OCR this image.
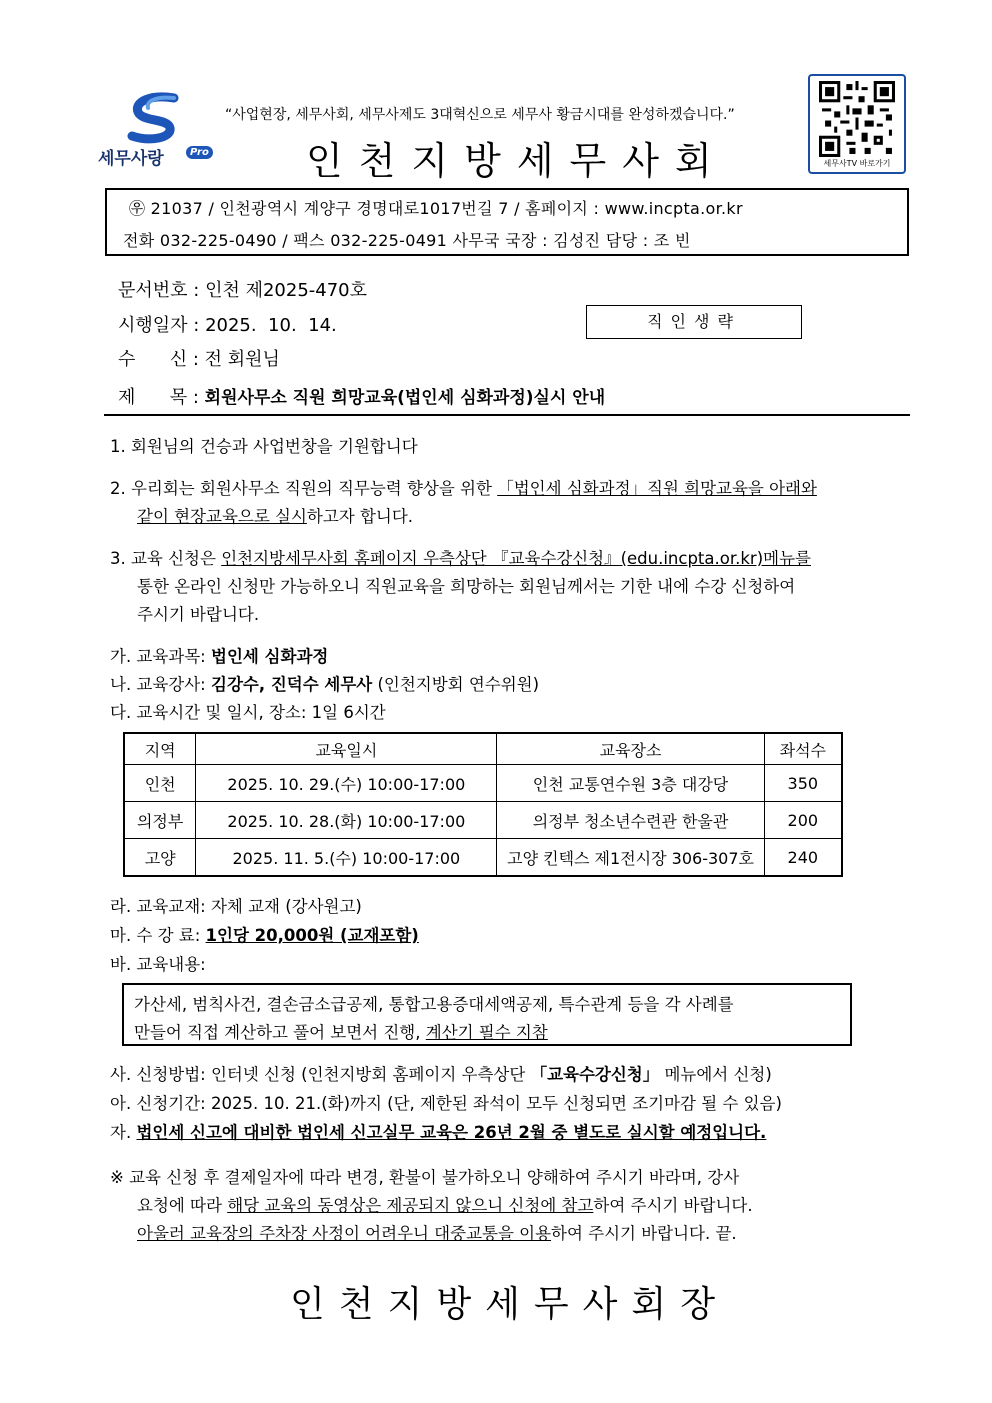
세무사랑	Pro
“사업현장, 세무사회, 세무사제도 3대혁신으로 세무사 황금시대를 완성하겠습니다.”
인천지방세무사회	세무사TV 바로가기
㉾ 21037 / 인천광역시 계양구 경명대로1017번길 7 / 홈페이지 : www.incpta.or.kr
전화 032-225-0490 / 팩스 032-225-0491 사무국 국장 : 김성진 담당 : 조 빈
문서번호 : 인천 제2025-470호
시행일자 : 2025.  10.  14.	직인생략
수      신 : 전 회원님
제      목 : 회원사무소 직원 희망교육(법인세 심화과정)실시 안내
1. 회원님의 건승과 사업번창을 기원합니다
2. 우리회는 회원사무소 직원의 직무능력 향상을 위한 「법인세 심화과정」직원 희망교육을 아래와
같이 현장교육으로 실시하고자 합니다.
3. 교육 신청은 인천지방세무사회 홈페이지 우측상단 『교육수강신청』(edu.incpta.or.kr)메뉴를
통한 온라인 신청만 가능하오니 직원교육을 희망하는 회원님께서는 기한 내에 수강 신청하여
주시기 바랍니다.
가. 교육과목: 법인세 심화과정
나. 교육강사: 김강수, 진덕수 세무사 (인천지방회 연수위원)
다. 교육시간 및 일시, 장소: 1일 6시간
지역	교육일시	교육장소	좌석수
인천	2025. 10. 29.(수) 10:00-17:00	인천 교통연수원 3층 대강당	350
의정부	2025. 10. 28.(화) 10:00-17:00	의정부 청소년수련관 한울관	200
고양	2025. 11. 5.(수) 10:00-17:00	고양 킨텍스 제1전시장 306-307호	240
라. 교육교재: 자체 교재 (강사원고)
마. 수 강 료: 1인당 20,000원 (교재포함)
바. 교육내용:
가산세, 범칙사건, 결손금소급공제, 통합고용증대세액공제, 특수관계 등을 각 사례를
만들어 직접 계산하고 풀어 보면서 진행, 계산기 필수 지참
사. 신청방법: 인터넷 신청 (인천지방회 홈페이지 우측상단 「교육수강신청」 메뉴에서 신청)
아. 신청기간: 2025. 10. 21.(화)까지 (단, 제한된 좌석이 모두 신청되면 조기마감 될 수 있음)
자. 법인세 신고에 대비한 법인세 신고실무 교육은 26년 2월 중 별도로 실시할 예정입니다.
※ 교육 신청 후 결제일자에 따라 변경, 환불이 불가하오니 양해하여 주시기 바라며, 강사
요청에 따라 해당 교육의 동영상은 제공되지 않으니 신청에 참고하여 주시기 바랍니다.
아울러 교육장의 주차장 사정이 어려우니 대중교통을 이용하여 주시기 바랍니다. 끝.
인천지방세무사회장
